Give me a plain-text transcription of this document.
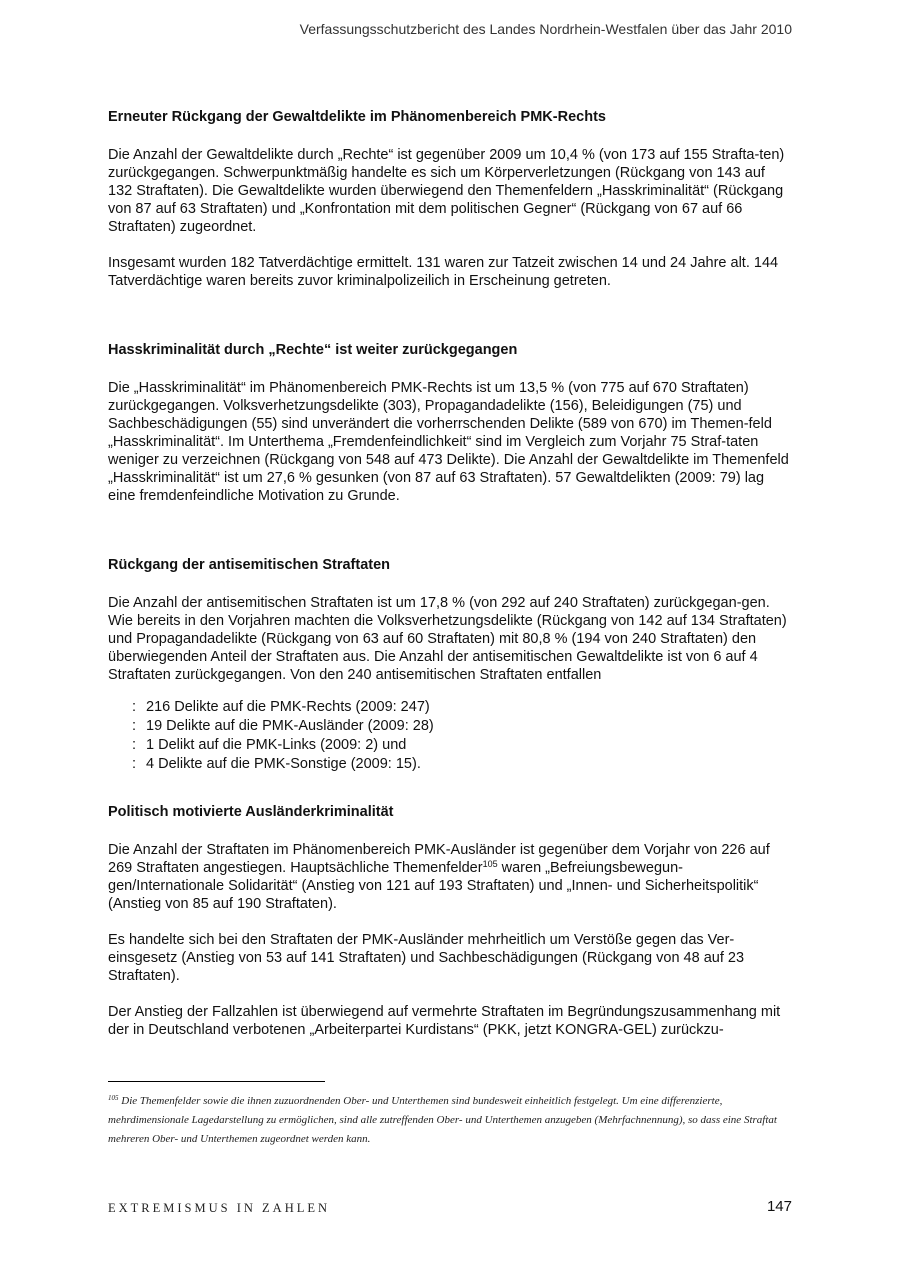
Verfassungsschutzbericht des Landes Nordrhein-Westfalen über das Jahr 2010
Erneuter Rückgang der Gewaltdelikte im Phänomenbereich PMK-Rechts

Die Anzahl der Gewaltdelikte durch „Rechte“ ist gegenüber 2009 um 10,4 % (von 173 auf 155 Strafta-ten) zurückgegangen. Schwerpunktmäßig handelte es sich um Körperverletzungen (Rückgang von 143 auf 132 Straftaten). Die Gewaltdelikte wurden überwiegend den Themenfeldern „Hasskriminalität“ (Rückgang von 87 auf 63 Straftaten) und „Konfrontation mit dem politischen Gegner“ (Rückgang von 67 auf 66 Straftaten) zugeordnet.

Insgesamt wurden 182 Tatverdächtige ermittelt. 131 waren zur Tatzeit zwischen 14 und 24 Jahre alt. 144 Tatverdächtige waren bereits zuvor kriminalpolizeilich in Erscheinung getreten.

Hasskriminalität durch „Rechte“ ist weiter zurückgegangen

Die „Hasskriminalität“ im Phänomenbereich PMK-Rechts ist um 13,5 % (von 775 auf 670 Straftaten) zurückgegangen. Volksverhetzungsdelikte (303), Propagandadelikte (156), Beleidigungen (75) und Sachbeschädigungen (55) sind unverändert die vorherrschenden Delikte (589 von 670) im Themen-feld „Hasskriminalität“. Im Unterthema „Fremdenfeindlichkeit“ sind im Vergleich zum Vorjahr 75 Straf-taten weniger zu verzeichnen (Rückgang von 548 auf 473 Delikte). Die Anzahl der Gewaltdelikte im Themenfeld „Hasskriminalität“ ist um 27,6 % gesunken (von 87 auf 63 Straftaten). 57 Gewaltdelikten (2009: 79) lag eine fremdenfeindliche Motivation zu Grunde.

Rückgang der antisemitischen Straftaten

Die Anzahl der antisemitischen Straftaten ist um 17,8 % (von 292 auf 240 Straftaten) zurückgegan-gen. Wie bereits in den Vorjahren machten die Volksverhetzungsdelikte (Rückgang von 142 auf 134 Straftaten) und Propagandadelikte (Rückgang von 63 auf 60 Straftaten) mit 80,8 % (194 von 240 Straftaten) den überwiegenden Anteil der Straftaten aus. Die Anzahl der antisemitischen Gewaltdelikte ist von 6 auf 4 Straftaten zurückgegangen. Von den 240 antisemitischen Straftaten entfallen

: 216 Delikte auf die PMK-Rechts (2009: 247)
: 19 Delikte auf die PMK-Ausländer (2009: 28)
: 1 Delikt auf die PMK-Links (2009: 2) und
: 4 Delikte auf die PMK-Sonstige (2009: 15).
Politisch motivierte Ausländerkriminalität

Die Anzahl der Straftaten im Phänomenbereich PMK-Ausländer ist gegenüber dem Vorjahr von 226 auf 269 Straftaten angestiegen. Hauptsächliche Themenfelder$^{105}$ waren „Befreiungsbewegun-gen/Internationale Solidarität“ (Anstieg von 121 auf 193 Straftaten) und „Innen- und Sicherheitspolitik“ (Anstieg von 85 auf 190 Straftaten).

Es handelte sich bei den Straftaten der PMK-Ausländer mehrheitlich um Verstöße gegen das Ver-einsgesetz (Anstieg von 53 auf 141 Straftaten) und Sachbeschädigungen (Rückgang von 48 auf 23 Straftaten).

Der Anstieg der Fallzahlen ist überwiegend auf vermehrte Straftaten im Begründungszusammenhang mit der in Deutschland verbotenen „Arbeiterpartei Kurdistans“ (PKK, jetzt KONGRA-GEL) zurückzu-

$^{105}$ Die Themenfelder sowie die ihnen zuzuordnenden Ober- und Unterthemen sind bundesweit einheitlich festgelegt. Um eine differenzierte, mehrdimensionale Lagedarstellung zu ermöglichen, sind alle zutreffenden Ober- und Unterthemen anzugeben (Mehrfachnennung), so dass eine Straftat mehreren Ober- und Unterthemen zugeordnet werden kann.
EXTREMISMUS IN ZAHLEN	147
